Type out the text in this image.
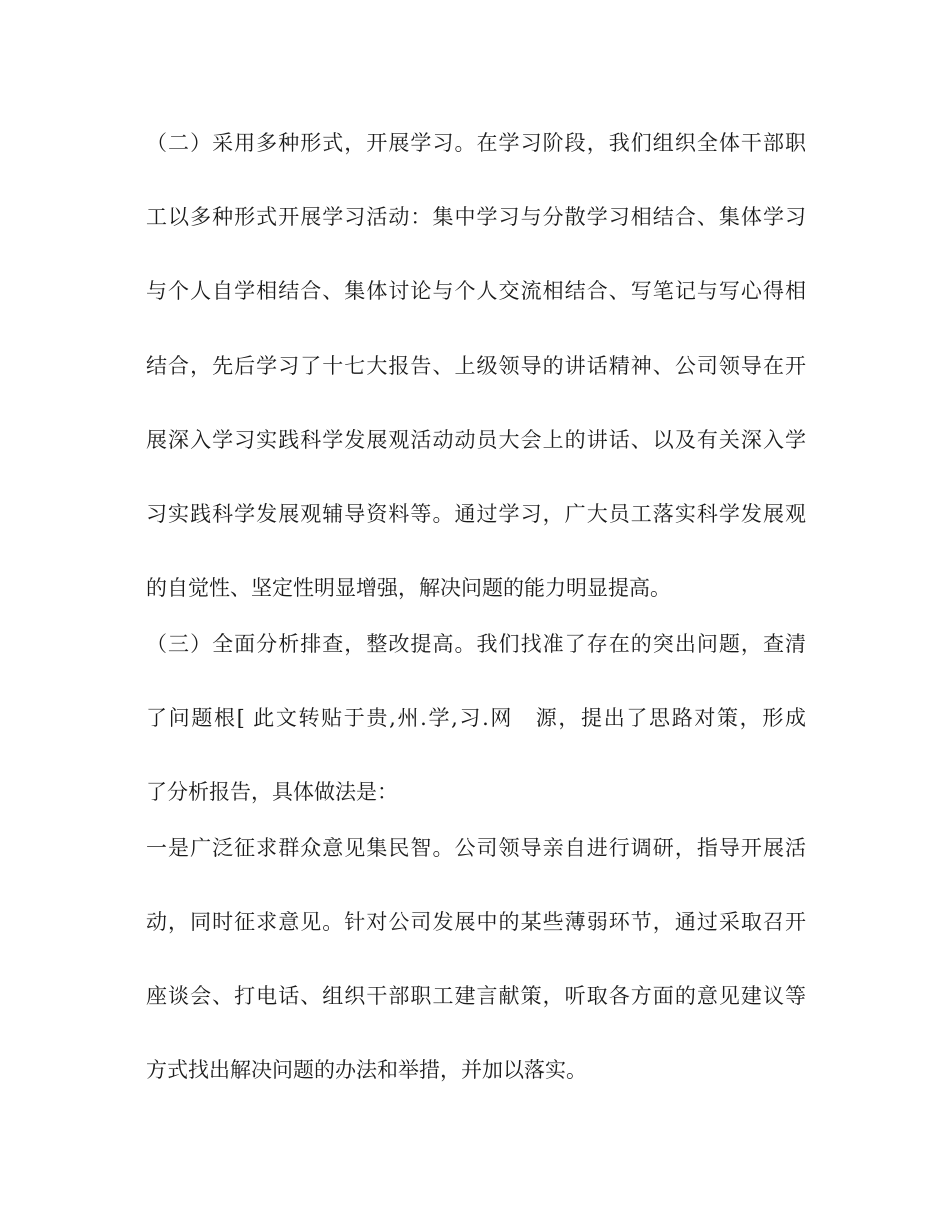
（二）采用多种形式，开展学习。在学习阶段，我们组织全体干部职
工以多种形式开展学习活动：集中学习与分散学习相结合、集体学习
与个人自学相结合、集体讨论与个人交流相结合、写笔记与写心得相
结合，先后学习了十七大报告、上级领导的讲话精神、公司领导在开
展深入学习实践科学发展观活动动员大会上的讲话、以及有关深入学
习实践科学发展观辅导资料等。通过学习，广大员工落实科学发展观
的自觉性、坚定性明显增强，解决问题的能力明显提高。
（三）全面分析排查，整改提高。我们找准了存在的突出问题，查清
了问题根[ 此文转贴于贵,州.学,习.网　源，提出了思路对策，形成
了分析报告，具体做法是：
一是广泛征求群众意见集民智。公司领导亲自进行调研，指导开展活
动，同时征求意见。针对公司发展中的某些薄弱环节，通过采取召开
座谈会、打电话、组织干部职工建言献策，听取各方面的意见建议等
方式找出解决问题的办法和举措，并加以落实。
